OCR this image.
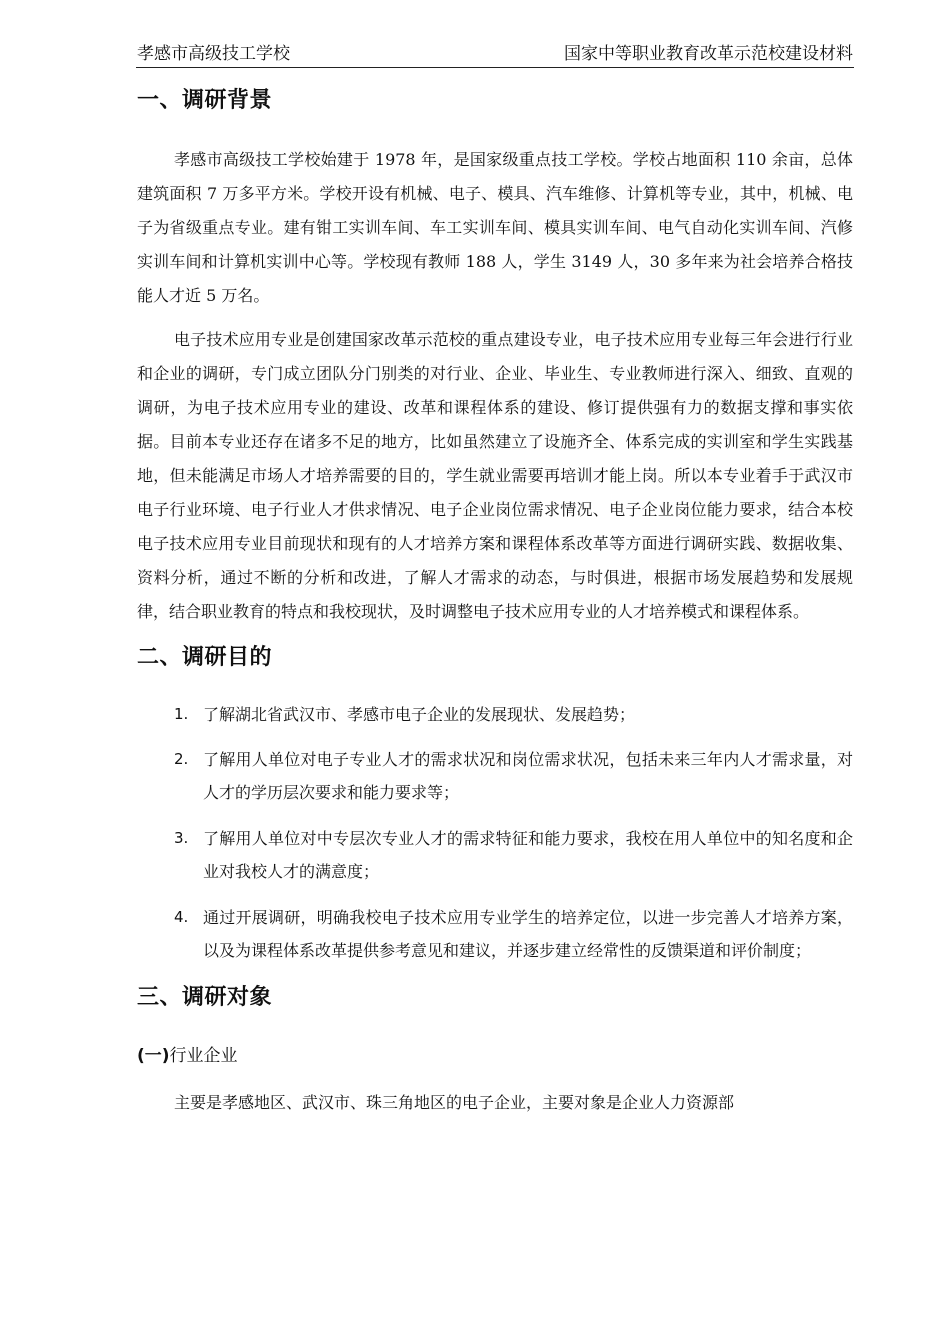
孝感市高级技工学校	国家中等职业教育改革示范校建设材料
一、调研背景

孝感市高级技工学校始建于 1978 年，是国家级重点技工学校。学校占地面积 110 余亩，总体建筑面积 7 万多平方米。学校开设有机械、电子、模具、汽车维修、计算机等专业，其中，机械、电子为省级重点专业。建有钳工实训车间、车工实训车间、模具实训车间、电气自动化实训车间、汽修实训车间和计算机实训中心等。学校现有教师 188 人，学生 3149 人，30 多年来为社会培养合格技能人才近 5 万名。

电子技术应用专业是创建国家改革示范校的重点建设专业，电子技术应用专业每三年会进行行业和企业的调研，专门成立团队分门别类的对行业、企业、毕业生、专业教师进行深入、细致、直观的调研，为电子技术应用专业的建设、改革和课程体系的建设、修订提供强有力的数据支撑和事实依据。目前本专业还存在诸多不足的地方，比如虽然建立了设施齐全、体系完成的实训室和学生实践基地，但未能满足市场人才培养需要的目的，学生就业需要再培训才能上岗。所以本专业着手于武汉市电子行业环境、电子行业人才供求情况、电子企业岗位需求情况、电子企业岗位能力要求，结合本校电子技术应用专业目前现状和现有的人才培养方案和课程体系改革等方面进行调研实践、数据收集、资料分析，通过不断的分析和改进，了解人才需求的动态，与时俱进，根据市场发展趋势和发展规律，结合职业教育的特点和我校现状，及时调整电子技术应用专业的人才培养模式和课程体系。

二、调研目的
1. 了解湖北省武汉市、孝感市电子企业的发展现状、发展趋势；
2. 了解用人单位对电子专业人才的需求状况和岗位需求状况，包括未来三年内人才需求量，对人才的学历层次要求和能力要求等；
3. 了解用人单位对中专层次专业人才的需求特征和能力要求，我校在用人单位中的知名度和企业对我校人才的满意度；
4. 通过开展调研，明确我校电子技术应用专业学生的培养定位，以进一步完善人才培养方案，以及为课程体系改革提供参考意见和建议，并逐步建立经常性的反馈渠道和评价制度；
三、调研对象
(一)行业企业

主要是孝感地区、武汉市、珠三角地区的电子企业，主要对象是企业人力资源部
